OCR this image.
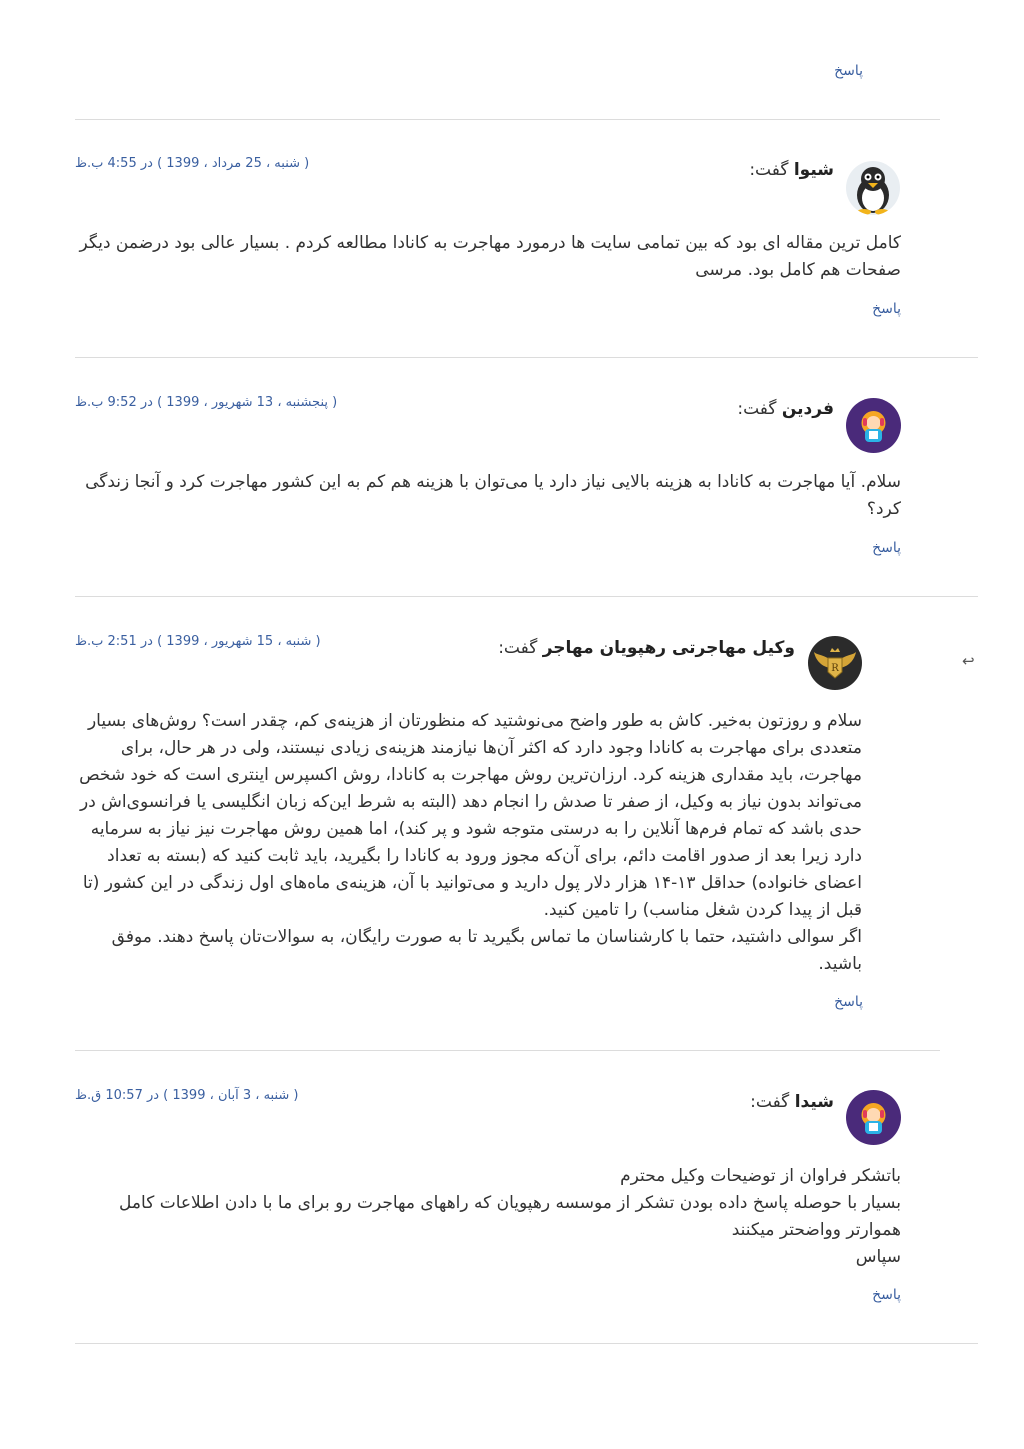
پاسخ
شیوا گفت:
( شنبه ، 25 مرداد ، 1399 ) در 4:55 ب.ظ

کامل ترین مقاله ای بود که بین تمامی سایت ها درمورد مهاجرت به کانادا مطالعه کردم . بسیار عالی بود درضمن دیگر صفحات هم کامل بود. مرسی

پاسخ
فردین گفت:
( پنجشنبه ، 13 شهریور ، 1399 ) در 9:52 ب.ظ

سلام. آیا مهاجرت به کانادا به هزینه بالایی نیاز دارد یا می‌توان با هزینه هم کم به این کشور مهاجرت کرد و آنجا زندگی کرد؟

پاسخ
↩
R
وکیل مهاجرتی رهپویان مهاجر گفت:
( شنبه ، 15 شهریور ، 1399 ) در 2:51 ب.ظ

سلام و روزتون به‌خیر. کاش به طور واضح می‌نوشتید که منظورتان از هزینه‌ی کم، چقدر است؟ روش‌های بسیار متعددی برای مهاجرت به کانادا وجود دارد که اکثر آن‌ها نیازمند هزینه‌ی زیادی نیستند، ولی در هر حال، برای مهاجرت، باید مقداری هزینه کرد. ارزان‌ترین روش مهاجرت به کانادا، روش اکسپرس اینتری است که خود شخص می‌تواند بدون نیاز به وکیل، از صفر تا صدش را انجام دهد (البته به شرط این‌که زبان انگلیسی یا فرانسوی‌اش در حدی باشد که تمام فرم‌ها آنلاین را به درستی متوجه شود و پر کند)، اما همین روش مهاجرت نیز نیاز به سرمایه دارد زیرا بعد از صدور اقامت دائم، برای آن‌که مجوز ورود به کانادا را بگیرید، باید ثابت کنید که (بسته به تعداد اعضای خانواده) حداقل ۱۳-۱۴ هزار دلار پول دارید و می‌توانید با آن، هزینه‌ی ماه‌های اول زندگی در این کشور (تا قبل از پیدا کردن شغل مناسب) را تامین کنید.

اگر سوالی داشتید، حتما با کارشناسان ما تماس بگیرید تا به صورت رایگان، به سوالات‌تان پاسخ دهند. موفق باشید.

پاسخ
شیدا گفت:
( شنبه ، 3 آبان ، 1399 ) در 10:57 ق.ظ

باتشکر فراوان از توضیحات وکیل محترم

بسیار با حوصله پاسخ داده بودن تشکر از موسسه رهپویان که راههای مهاجرت رو برای ما با دادن اطلاعات کامل هموارتر وواضحتر میکنند

سپاس

پاسخ
